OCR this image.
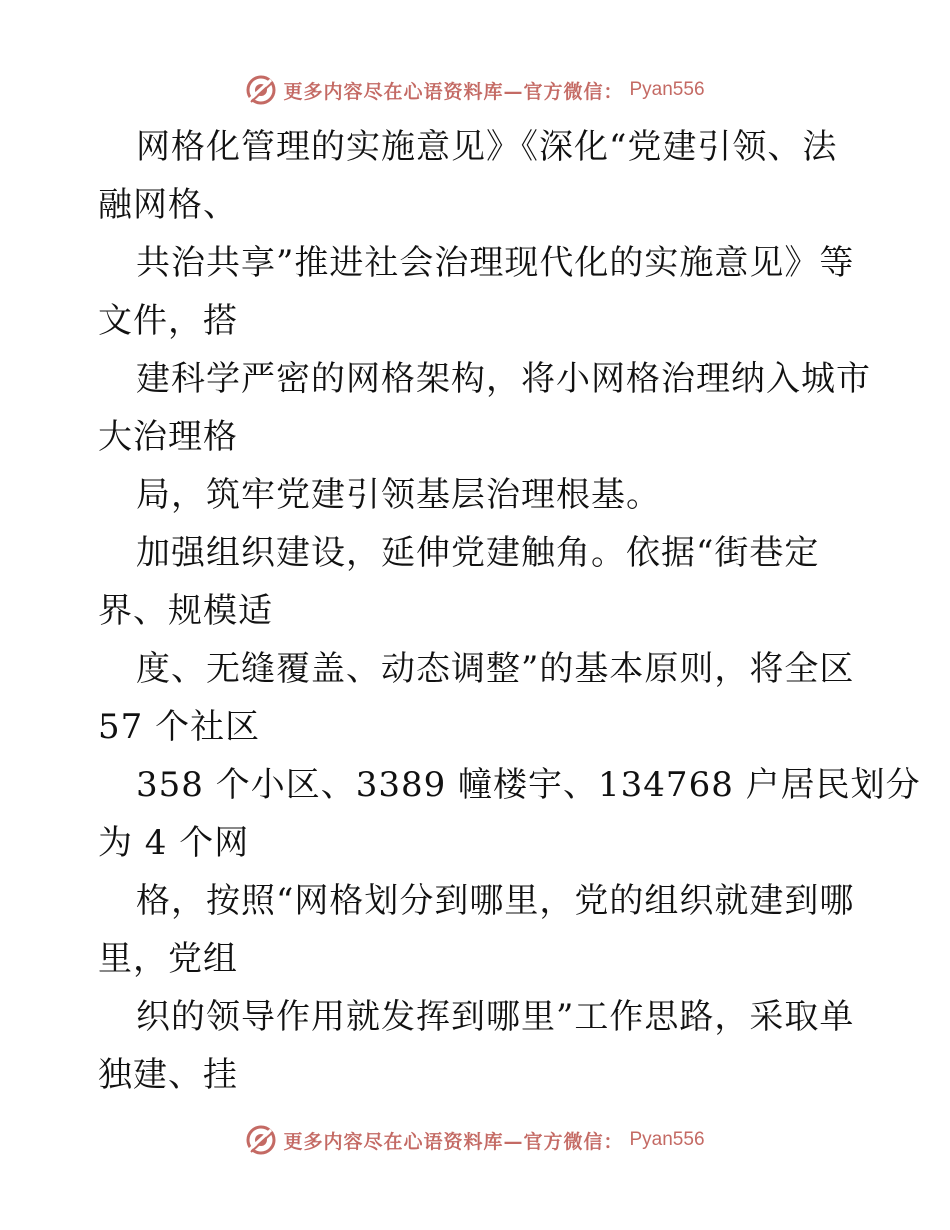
更多内容尽在心语资料库—官方微信： Pyan556
网格化管理的实施意见》《深化“党建引领、法
融网格、
共治共享”推进社会治理现代化的实施意见》等
文件，搭
建科学严密的网格架构，将小网格治理纳入城市
大治理格
局，筑牢党建引领基层治理根基。
加强组织建设，延伸党建触角。依据“街巷定
界、规模适
度、无缝覆盖、动态调整”的基本原则，将全区
57 个社区
358 个小区、3389 幢楼宇、134768 户居民划分
为 4 个网
格，按照“网格划分到哪里，党的组织就建到哪
里，党组
织的领导作用就发挥到哪里”工作思路，采取单
独建、挂
更多内容尽在心语资料库—官方微信： Pyan556
